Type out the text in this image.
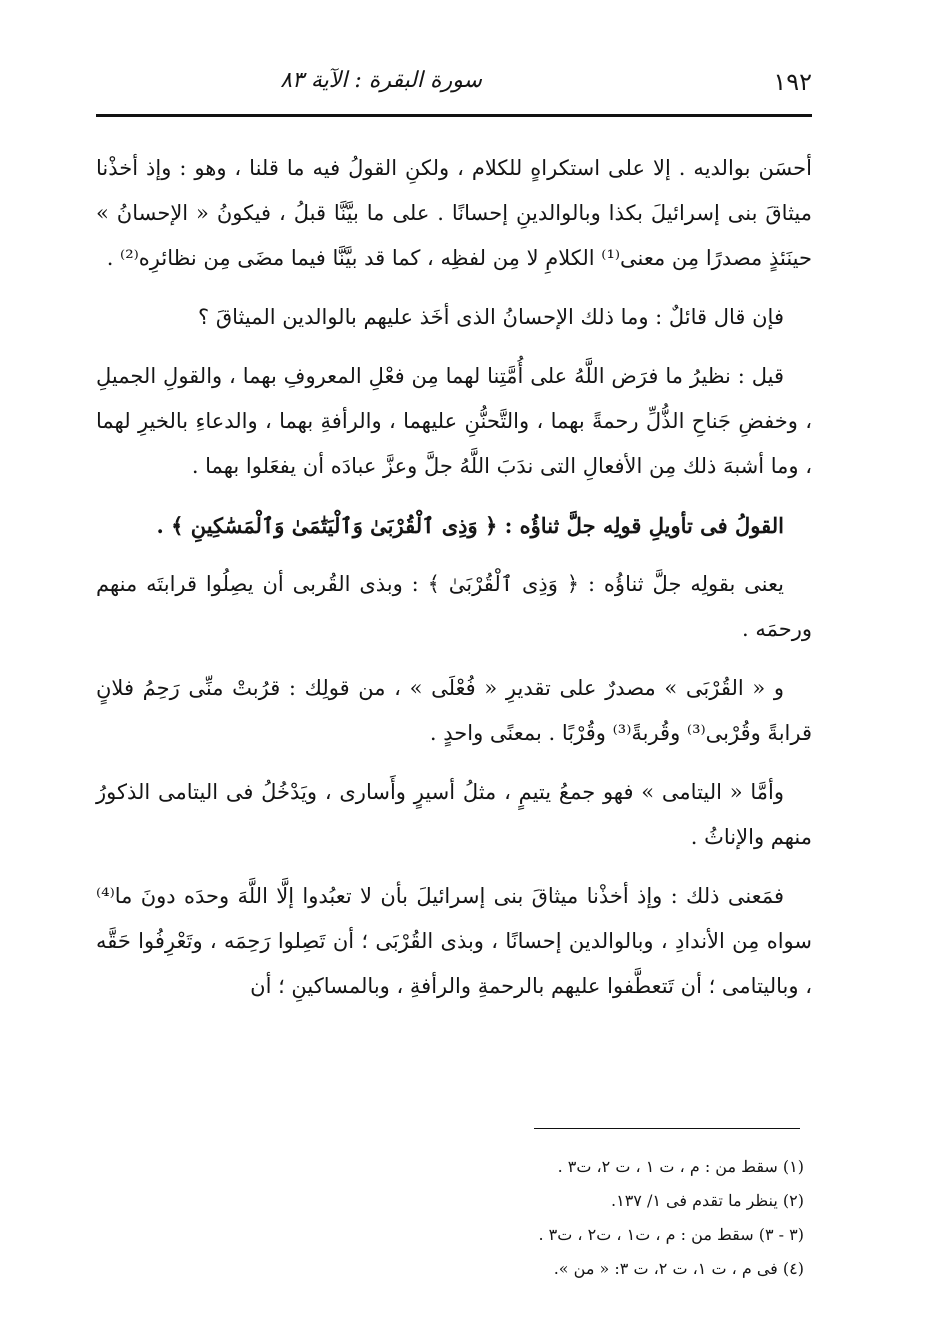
١٩٢
سورة البقرة : الآية ٨٣

أحسَن بوالديه . إلا على استكراهٍ للكلام ، ولكنِ القولُ فيه ما قلنا ، وهو : وإذ أخذْنا ميثاقَ بنى إسرائيلَ بكذا وبالوالدينِ إحسانًا . على ما بيَّنَّا قبلُ ، فيكونُ « الإحسانُ » حينَئذٍ مصدرًا مِن معنى⁽¹⁾ الكلامِ لا مِن لفظِه ، كما قد بيَّنَّا فيما مضَى مِن نظائرِه⁽²⁾ .

فإن قال قائلٌ : وما ذلك الإحسانُ الذى أخَذ عليهم بالوالدين الميثاقَ ؟

قيل : نظيرُ ما فرَض اللَّهُ على أُمَّتِنا لهما مِن فعْلِ المعروفِ بهما ، والقولِ الجميلِ ، وخفضِ جَناحِ الذُّلِّ رحمةً بهما ، والتَّحنُّنِ عليهما ، والرأفةِ بهما ، والدعاءِ بالخيرِ لهما ، وما أشبهَ ذلك مِن الأفعالِ التى ندَبَ اللَّهُ جلَّ وعزَّ عبادَه أن يفعَلوا بهما .

القولُ فى تأويلِ قولِه جلَّ ثناؤُه : ﴿ وَذِى ٱلْقُرْبَىٰ وَٱلْيَتَٰمَىٰ وَٱلْمَسَٰكِينِ ﴾ .

يعنى بقولِه جلَّ ثناؤُه : ﴿ وَذِى ٱلْقُرْبَىٰ ﴾ : وبذى القُربى أن يصِلُوا قرابتَه منهم ورحمَه .

و « القُرْبَى » مصدرٌ على تقديرِ « فُعْلَى » ، من قولِك : قرُبتْ منِّى رَحِمُ فلانٍ قرابةً وقُرْبى⁽³⁾ وقُربةً⁽³⁾ وقُرْبًا . بمعنًى واحدٍ .

وأمَّا « اليتامى » فهو جمعُ يتيمٍ ، مثلُ أسيرٍ وأَسارى ، ويَدْخُلُ فى اليتامى الذكورُ منهم والإناثُ .

فمَعنى ذلك : وإذ أخذْنا ميثاقَ بنى إسرائيلَ بأن لا تعبُدوا إلَّا اللَّهَ وحدَه دونَ ما⁽⁴⁾ سواه مِن الأندادِ ، وبالوالدين إحسانًا ، وبذى القُرْبَى ؛ أن تَصِلوا رَحِمَه ، وتَعْرِفُوا حَقَّه ، وباليتامى ؛ أن تَتعطَّفوا عليهم بالرحمةِ والرأفةِ ، وبالمساكينِ ؛ أن

(١) سقط من : م ، ت ١ ، ت ٢، ت٣ .

(٢) ينظر ما تقدم فى ١/ ١٣٧.

(٣ - ٣) سقط من : م ، ت١ ، ت٢ ، ت٣ .

(٤) فى م ، ت ١، ت ٢، ت ٣: « من ».
